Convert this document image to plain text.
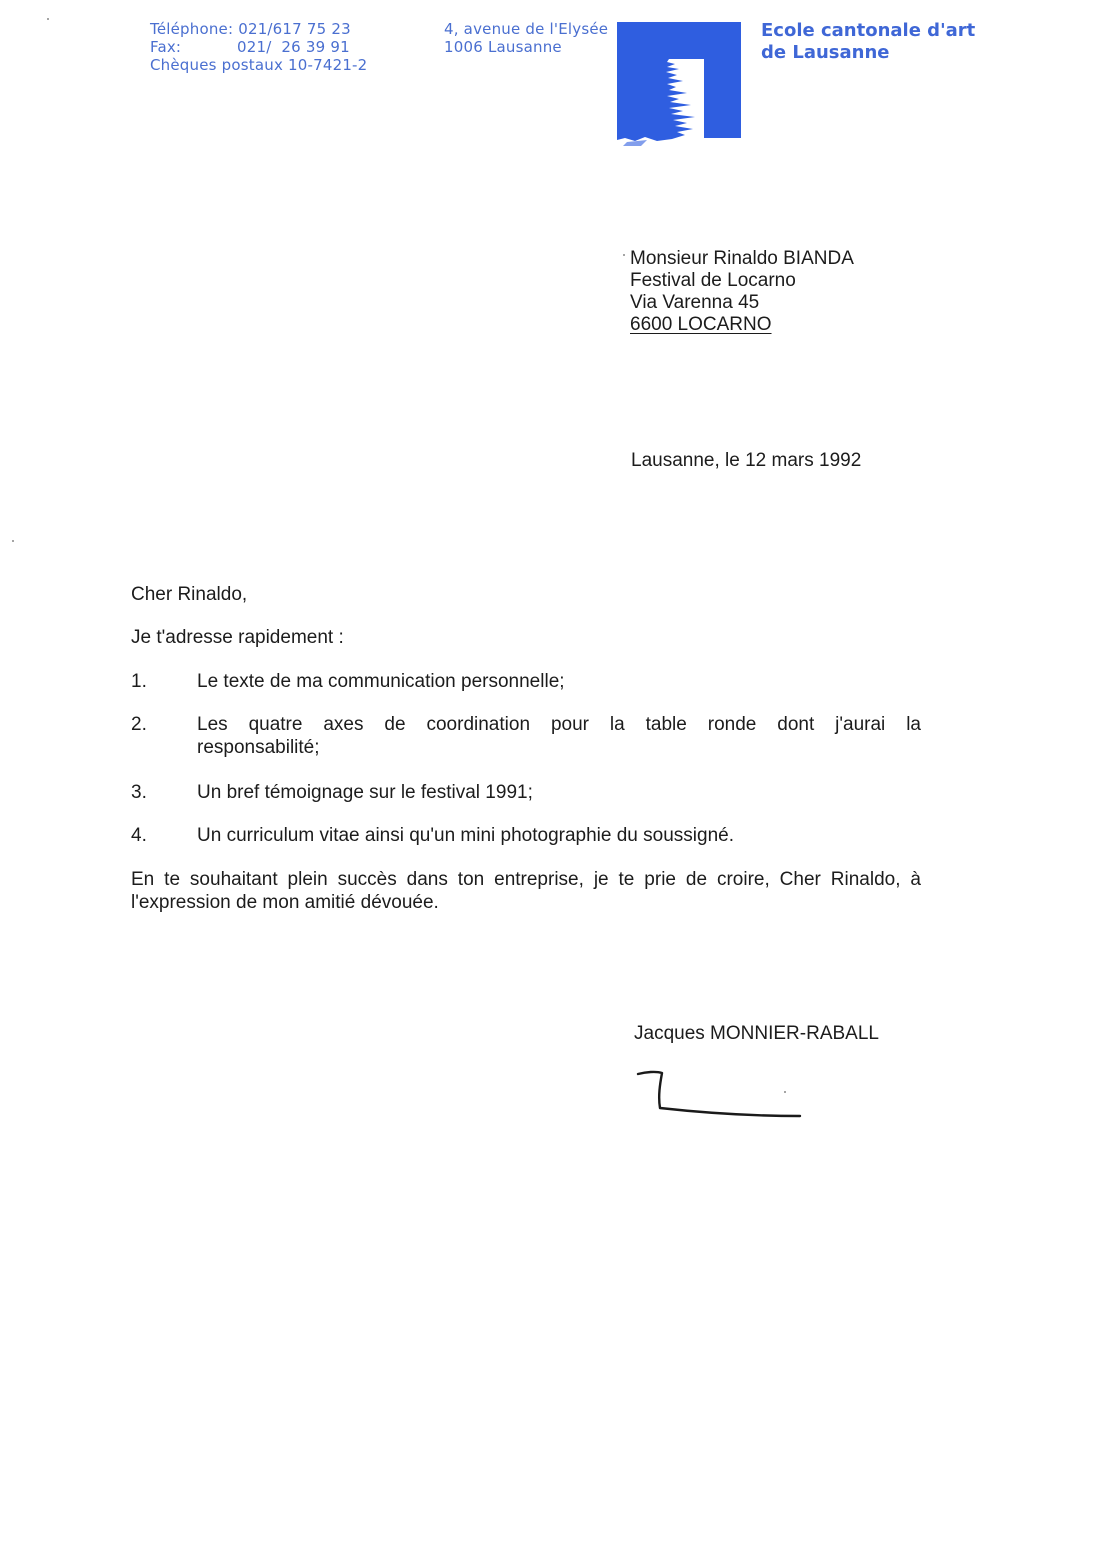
Téléphone: 021/617 75 23
Fax:	021/  26 39 91
Chèques postaux 10-7421-2
4, avenue de l'Elysée
1006 Lausanne
Ecole cantonale d'art
de Lausanne
Monsieur Rinaldo BIANDA
Festival de Locarno
Via Varenna 45
6600 LOCARNO
Lausanne, le 12 mars 1992
Cher Rinaldo,
Je t'adresse rapidement :
1.	Le texte de ma communication personnelle;
2.	Les quatre axes de coordination pour la table ronde dont j'aurai la
responsabilité;
3.	Un bref témoignage sur le festival 1991;
4.	Un curriculum vitae ainsi qu'un mini photographie du soussigné.
En te souhaitant plein succès dans ton entreprise, je te prie de croire, Cher Rinaldo, à
l'expression de mon amitié dévouée.
Jacques MONNIER-RABALL
